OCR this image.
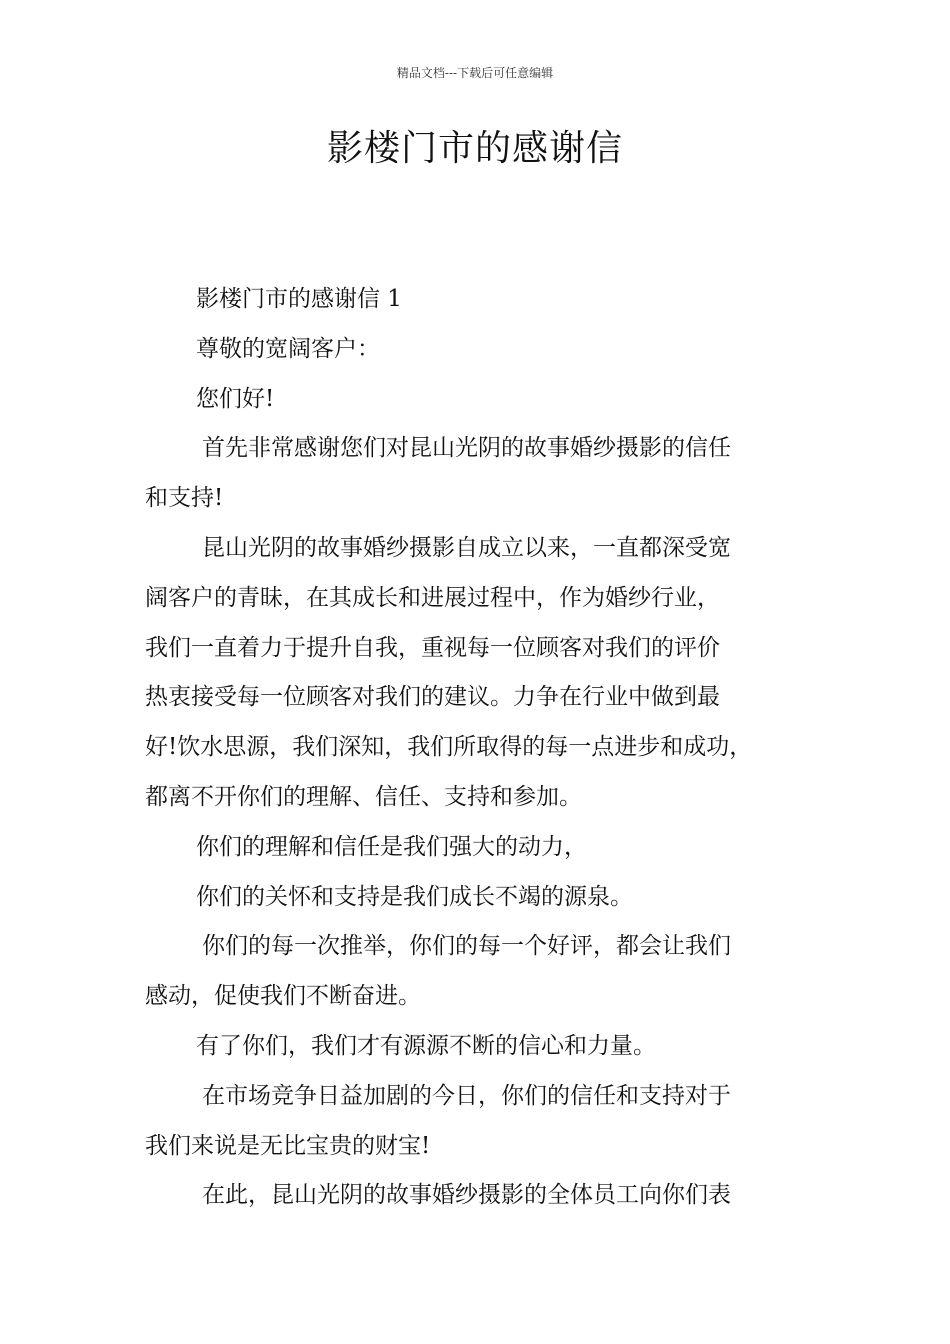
精品文档---下载后可任意编辑
影楼门市的感谢信
影楼门市的感谢信 1
尊敬的宽阔客户：
您们好!
首先非常感谢您们对昆山光阴的故事婚纱摄影的信任
和支持!
昆山光阴的故事婚纱摄影自成立以来，一直都深受宽
阔客户的青昧，在其成长和进展过程中，作为婚纱行业，
我们一直着力于提升自我，重视每一位顾客对我们的评价
热衷接受每一位顾客对我们的建议。力争在行业中做到最
好!饮水思源，我们深知，我们所取得的每一点进步和成功，
都离不开你们的理解、信任、支持和参加。
你们的理解和信任是我们强大的动力，
你们的关怀和支持是我们成长不竭的源泉。
你们的每一次推举，你们的每一个好评，都会让我们
感动，促使我们不断奋进。
有了你们，我们才有源源不断的信心和力量。
在市场竞争日益加剧的今日，你们的信任和支持对于
我们来说是无比宝贵的财宝!
在此，昆山光阴的故事婚纱摄影的全体员工向你们表
